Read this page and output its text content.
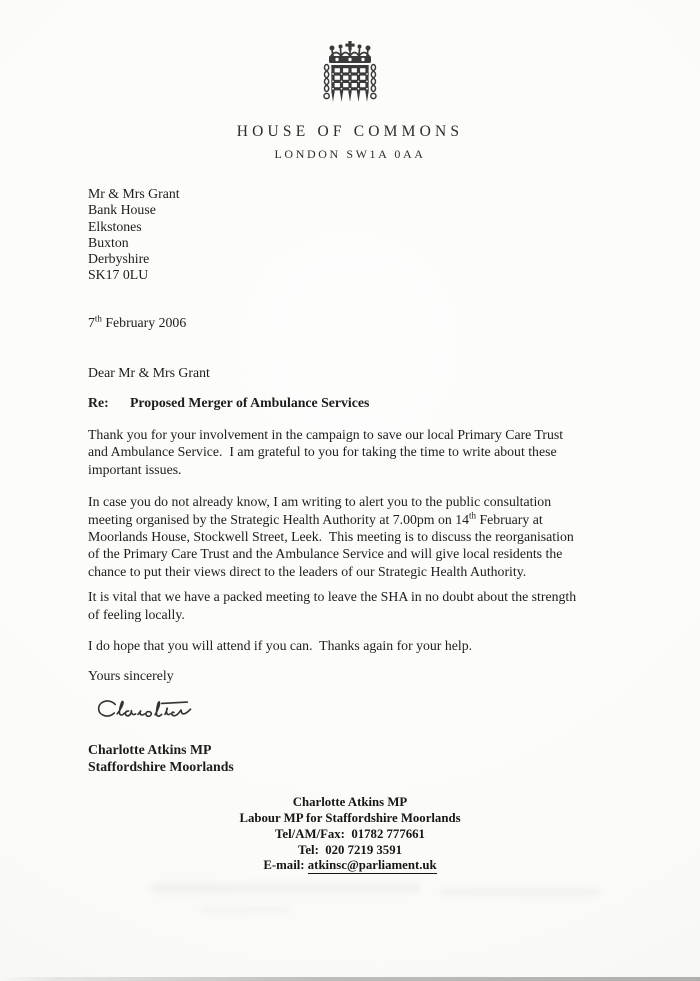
HOUSE OF COMMONS
LONDON SW1A 0AA
Mr & Mrs Grant
Bank House
Elkstones
Buxton
Derbyshire
SK17 0LU
7th February 2006
Dear Mr & Mrs Grant
Re: Proposed Merger of Ambulance Services

Thank you for your involvement in the campaign to save our local Primary Care Trust
and Ambulance Service.  I am grateful to you for taking the time to write about these
important issues.

In case you do not already know, I am writing to alert you to the public consultation
meeting organised by the Strategic Health Authority at 7.00pm on 14th February at
Moorlands House, Stockwell Street, Leek.  This meeting is to discuss the reorganisation
of the Primary Care Trust and the Ambulance Service and will give local residents the
chance to put their views direct to the leaders of our Strategic Health Authority.

It is vital that we have a packed meeting to leave the SHA in no doubt about the strength
of feeling locally.

I do hope that you will attend if you can.  Thanks again for your help.

Yours sincerely
Charlotte Atkins MP
Staffordshire Moorlands
Charlotte Atkins MP
Labour MP for Staffordshire Moorlands
Tel/AM/Fax:  01782 777661
Tel:  020 7219 3591
E-mail: atkinsc@parliament.uk
